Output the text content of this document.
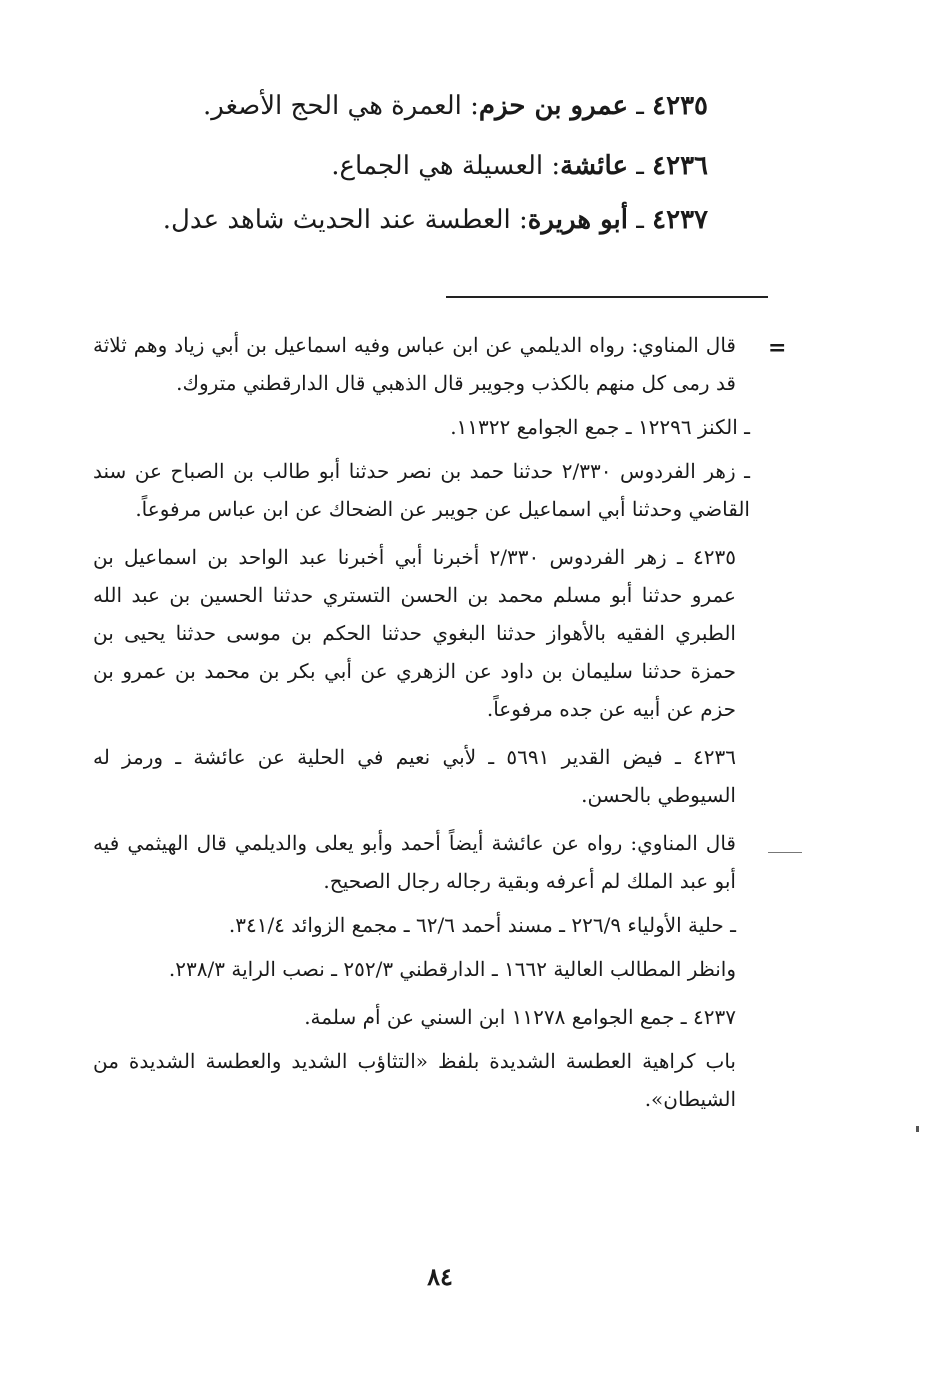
٤٢٣٥ ـ عمرو بن حزم: العمرة هي الحج الأصغر.
٤٢٣٦ ـ عائشة: العسيلة هي الجماع.
٤٢٣٧ ـ أبو هريرة: العطسة عند الحديث شاهد عدل.
=

قال المناوي: رواه الديلمي عن ابن عباس وفيه اسماعيل بن أبي زياد وهم ثلاثة قد رمى كل منهم بالكذب وجويبر قال الذهبي قال الدارقطني متروك.

ـ الكنز ١٢٢٩٦ ـ جمع الجوامع ١١٣٢٢.

ـ زهر الفردوس ٢/٣٣٠ حدثنا حمد بن نصر حدثنا أبو طالب بن الصباح عن سند القاضي وحدثنا أبي اسماعيل عن جويبر عن الضحاك عن ابن عباس مرفوعاً.

٤٢٣٥ ـ زهر الفردوس ٢/٣٣٠ أخبرنا أبي أخبرنا عبد الواحد بن اسماعيل بن عمرو حدثنا أبو مسلم محمد بن الحسن التستري حدثنا الحسين بن عبد الله الطبري الفقيه بالأهواز حدثنا البغوي حدثنا الحكم بن موسى حدثنا يحيى بن حمزة حدثنا سليمان بن داود عن الزهري عن أبي بكر بن محمد بن عمرو بن حزم عن أبيه عن جده مرفوعاً.

٤٢٣٦ ـ فيض القدير ٥٦٩١ ـ لأبي نعيم في الحلية عن عائشة ـ ورمز له السيوطي بالحسن.

قال المناوي: رواه عن عائشة أيضاً أحمد وأبو يعلى والديلمي قال الهيثمي فيه أبو عبد الملك لم أعرفه وبقية رجاله رجال الصحيح.

ـ حلية الأولياء ٢٢٦/٩ ـ مسند أحمد ٦٢/٦ ـ مجمع الزوائد ٣٤١/٤.

وانظر المطالب العالية ١٦٦٢ ـ الدارقطني ٢٥٢/٣ ـ نصب الراية ٢٣٨/٣.

٤٢٣٧ ـ جمع الجوامع ١١٢٧٨ ابن السني عن أم سلمة.

باب كراهية العطسة الشديدة بلفظ «التثاؤب الشديد والعطسة الشديدة من الشيطان».

٨٤
